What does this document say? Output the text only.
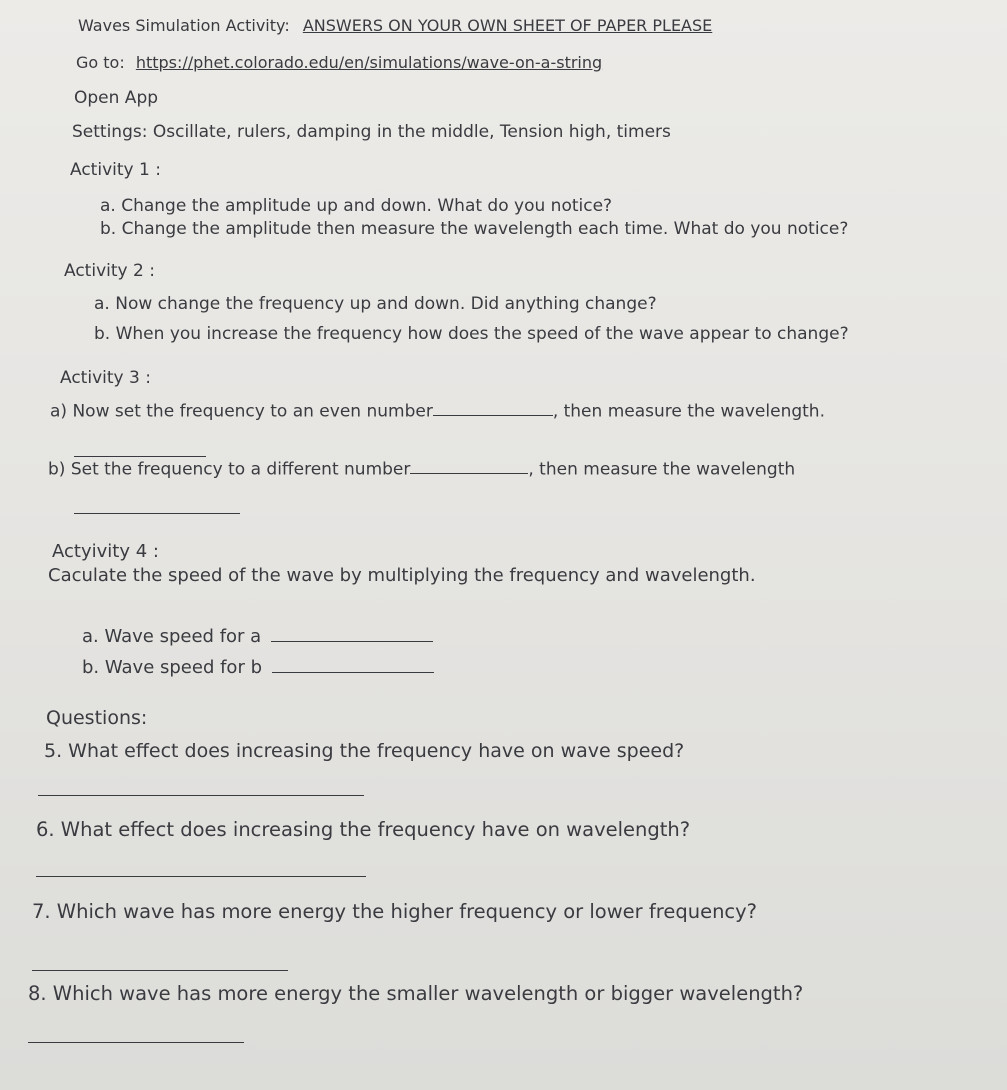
Waves Simulation Activity: ANSWERS ON YOUR OWN SHEET OF PAPER PLEASE
Go to: https://phet.colorado.edu/en/simulations/wave-on-a-string
Open App
Settings: Oscillate, rulers, damping in the middle, Tension high, timers
Activity 1 :
a. Change the amplitude up and down. What do you notice?
b. Change the amplitude then measure the wavelength each time. What do you notice?
Activity 2 :
a. Now change the frequency up and down. Did anything change?
b. When you increase the frequency how does the speed of the wave appear to change?
Activity 3 :
a) Now set the frequency to an even number	, then measure the wavelength.
b) Set the frequency to a different number	, then measure the wavelength
Actyivity 4 :
Caculate the speed of the wave by multiplying the frequency and wavelength.
a. Wave speed for a
b. Wave speed for b
Questions:
5. What effect does increasing the frequency have on wave speed?
6. What effect does increasing the frequency have on wavelength?
7. Which wave has more energy the higher frequency or lower frequency?
8. Which wave has more energy the smaller wavelength or bigger wavelength?
